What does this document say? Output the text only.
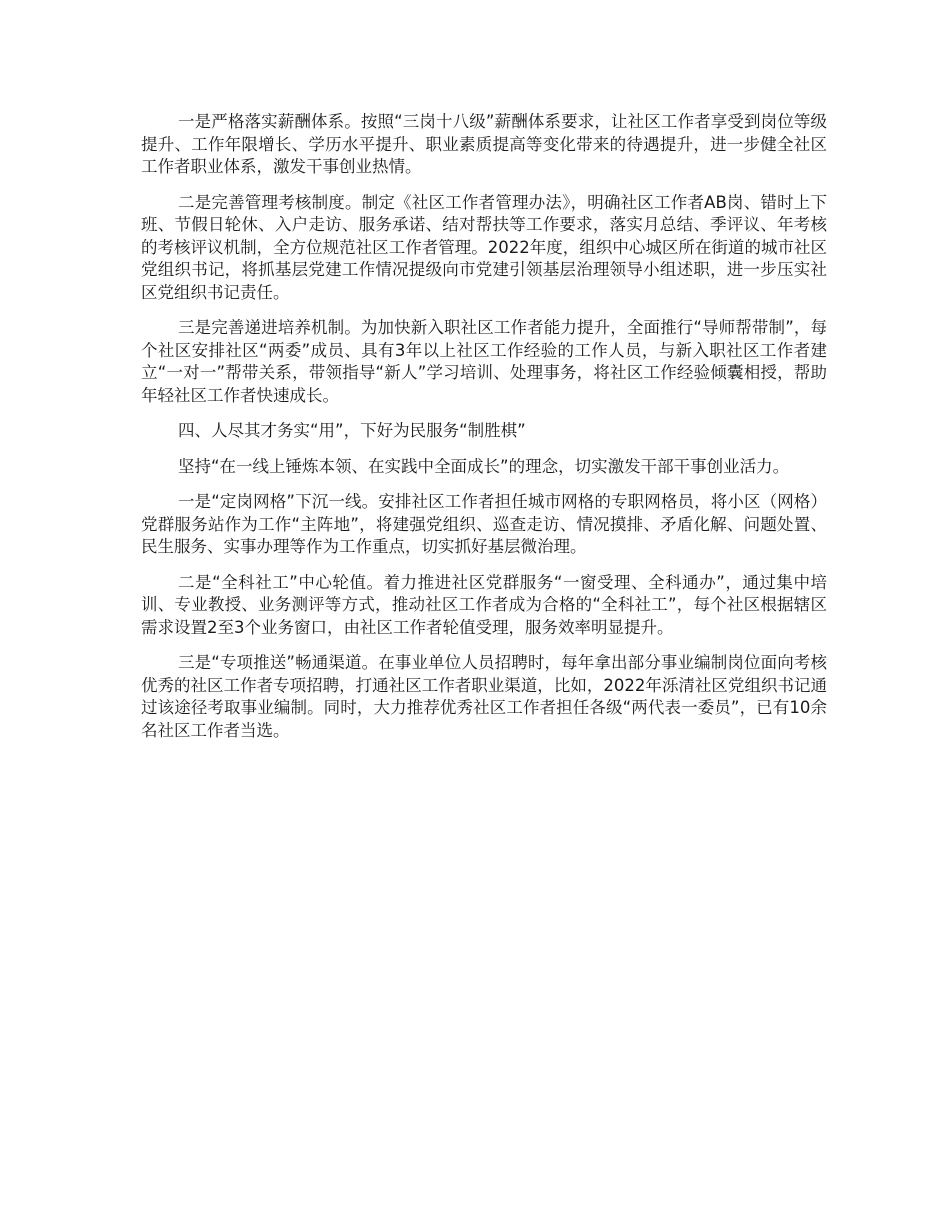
一是严格落实薪酬体系。按照“三岗十八级”薪酬体系要求，让社区工作者享受到岗位等级提升、工作年限增长、学历水平提升、职业素质提高等变化带来的待遇提升，进一步健全社区工作者职业体系，激发干事创业热情。

二是完善管理考核制度。制定《社区工作者管理办法》，明确社区工作者AB岗、错时上下班、节假日轮休、入户走访、服务承诺、结对帮扶等工作要求，落实月总结、季评议、年考核的考核评议机制，全方位规范社区工作者管理。2022年度，组织中心城区所在街道的城市社区党组织书记，将抓基层党建工作情况提级向市党建引领基层治理领导小组述职，进一步压实社区党组织书记责任。

三是完善递进培养机制。为加快新入职社区工作者能力提升，全面推行“导师帮带制”，每个社区安排社区“两委”成员、具有3年以上社区工作经验的工作人员，与新入职社区工作者建立“一对一”帮带关系，带领指导“新人”学习培训、处理事务，将社区工作经验倾囊相授，帮助年轻社区工作者快速成长。

四、人尽其才务实“用”，下好为民服务“制胜棋”

坚持“在一线上锤炼本领、在实践中全面成长”的理念，切实激发干部干事创业活力。

一是“定岗网格”下沉一线。安排社区工作者担任城市网格的专职网格员，将小区（网格）党群服务站作为工作“主阵地”，将建强党组织、巡查走访、情况摸排、矛盾化解、问题处置、民生服务、实事办理等作为工作重点，切实抓好基层微治理。

二是“全科社工”中心轮值。着力推进社区党群服务“一窗受理、全科通办”，通过集中培训、专业教授、业务测评等方式，推动社区工作者成为合格的“全科社工”，每个社区根据辖区需求设置2至3个业务窗口，由社区工作者轮值受理，服务效率明显提升。

三是“专项推送”畅通渠道。在事业单位人员招聘时，每年拿出部分事业编制岗位面向考核优秀的社区工作者专项招聘，打通社区工作者职业渠道，比如，2022年泺清社区党组织书记通过该途径考取事业编制。同时，大力推荐优秀社区工作者担任各级“两代表一委员”，已有10余名社区工作者当选。
